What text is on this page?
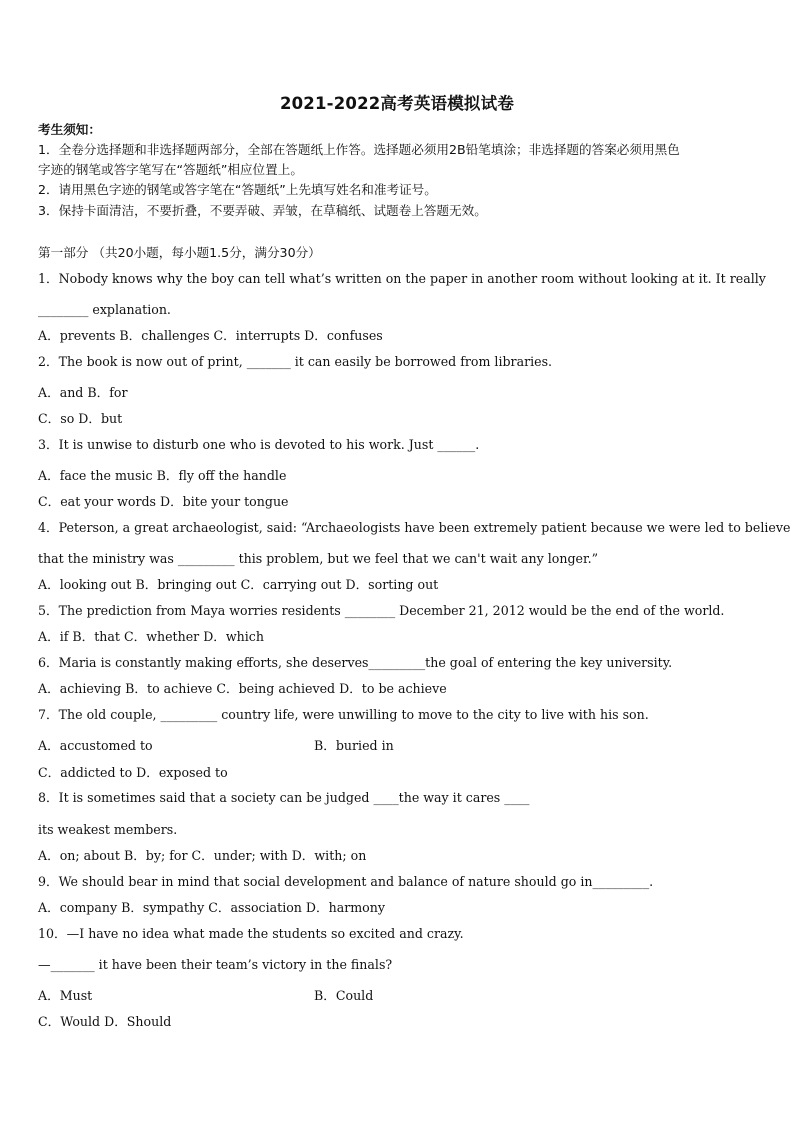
2021-2022高考英语模拟试卷
考生须知：
1．全卷分选择题和非选择题两部分，全部在答题纸上作答。选择题必须用2B铅笔填涂；非选择题的答案必须用黑色
字迹的钢笔或答字笔写在“答题纸”相应位置上。
2．请用黑色字迹的钢笔或答字笔在“答题纸”上先填写姓名和准考证号。
3．保持卡面清洁，不要折叠，不要弄破、弄皱，在草稿纸、试题卷上答题无效。
第一部分 （共20小题，每小题1.5分，满分30分）
1．Nobody knows why the boy can tell what’s written on the paper in another room without looking at it. It really
________ explanation.
A．prevents B．challenges C．interrupts D．confuses
2．The book is now out of print, _______ it can easily be borrowed from libraries.
A．and B．for
C．so D．but
3．It is unwise to disturb one who is devoted to his work. Just ______.
A．face the music B．fly off the handle
C．eat your words D．bite your tongue
4．Peterson, a great archaeologist, said: “Archaeologists have been extremely patient because we were led to believe
that the ministry was _________ this problem, but we feel that we can't wait any longer.”
A．looking out B．bringing out C．carrying out D．sorting out
5．The prediction from Maya worries residents ________ December 21, 2012 would be the end of the world.
A．if B．that C．whether D．which
6．Maria is constantly making efforts, she deserves_________the goal of entering the key university.
A．achieving B．to achieve C．being achieved D．to be achieve
7．The old couple, _________ country life, were unwilling to move to the city to live with his son.
A．accustomed to	B．buried in
C．addicted to D．exposed to
8．It is sometimes said that a society can be judged ____the way it cares ____
its weakest members.
A．on; about B．by; for C．under; with D．with; on
9．We should bear in mind that social development and balance of nature should go in_________.
A．company B．sympathy C．association D．harmony
10．—I have no idea what made the students so excited and crazy.
—_______ it have been their team’s victory in the finals?
A．Must	B．Could
C．Would D．Should
